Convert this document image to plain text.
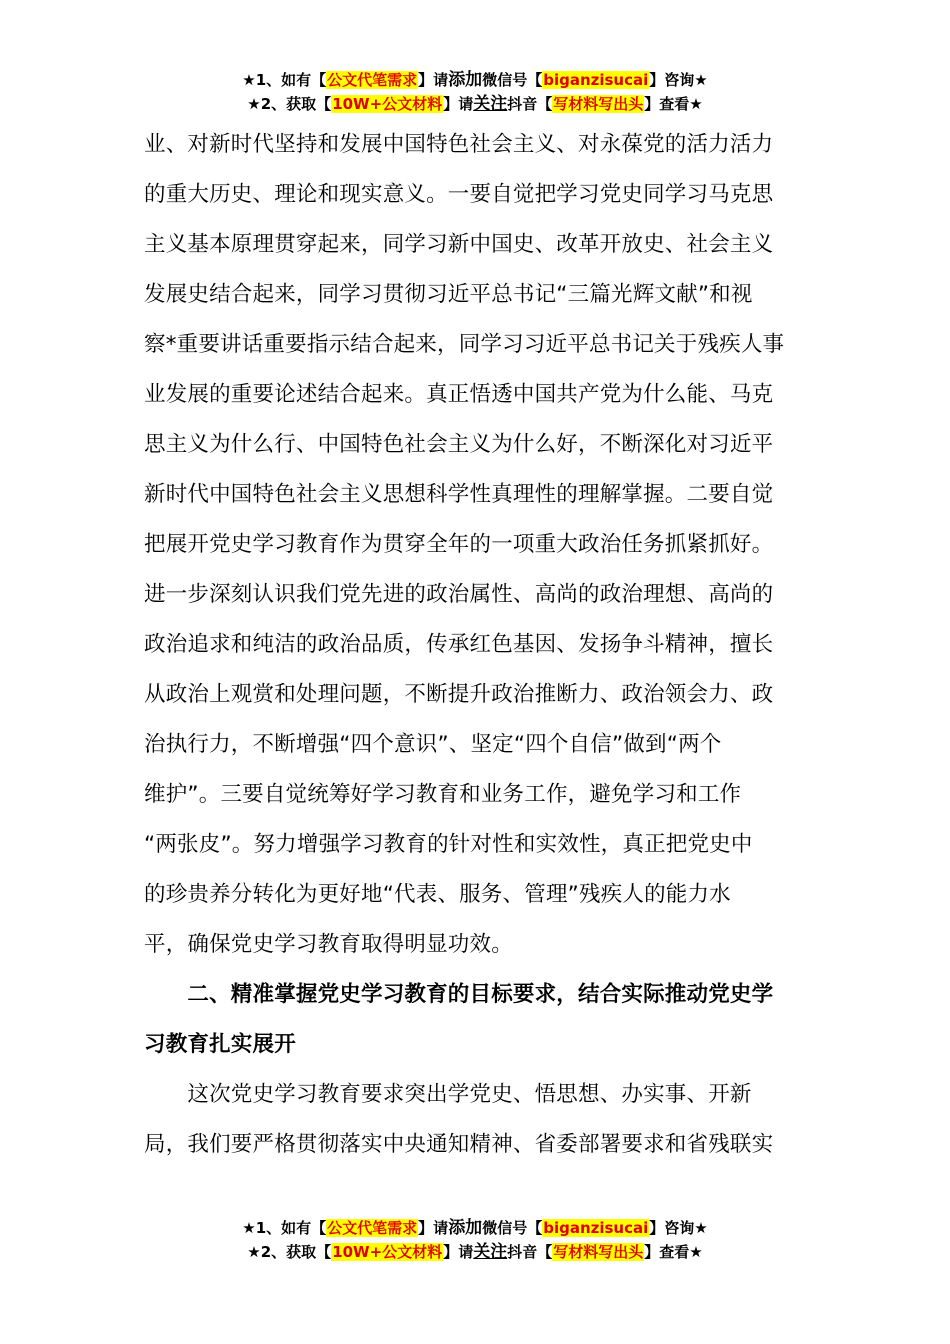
★1、如有【公文代笔需求】请添加微信号【biganzisucai】咨询★
★2、获取【10W+公文材料】请关注抖音【写材料写出头】查看★
业、对新时代坚持和发展中国特色社会主义、对永葆党的活力活力
的重大历史、理论和现实意义。一要自觉把学习党史同学习马克思
主义基本原理贯穿起来，同学习新中国史、改革开放史、社会主义
发展史结合起来，同学习贯彻习近平总书记“三篇光辉文献”和视
察*重要讲话重要指示结合起来，同学习习近平总书记关于残疾人事
业发展的重要论述结合起来。真正悟透中国共产党为什么能、马克
思主义为什么行、中国特色社会主义为什么好，不断深化对习近平
新时代中国特色社会主义思想科学性真理性的理解掌握。二要自觉
把展开党史学习教育作为贯穿全年的一项重大政治任务抓紧抓好。
进一步深刻认识我们党先进的政治属性、高尚的政治理想、高尚的
政治追求和纯洁的政治品质，传承红色基因、发扬争斗精神，擅长
从政治上观赏和处理问题，不断提升政治推断力、政治领会力、政
治执行力，不断增强“四个意识”、坚定“四个自信”做到“两个
维护”。三要自觉统筹好学习教育和业务工作，避免学习和工作
“两张皮”。努力增强学习教育的针对性和实效性，真正把党史中
的珍贵养分转化为更好地“代表、服务、管理”残疾人的能力水
平，确保党史学习教育取得明显功效。
　　二、精准掌握党史学习教育的目标要求，结合实际推动党史学
习教育扎实展开
　　这次党史学习教育要求突出学党史、悟思想、办实事、开新
局，我们要严格贯彻落实中央通知精神、省委部署要求和省残联实
★1、如有【公文代笔需求】请添加微信号【biganzisucai】咨询★
★2、获取【10W+公文材料】请关注抖音【写材料写出头】查看★
